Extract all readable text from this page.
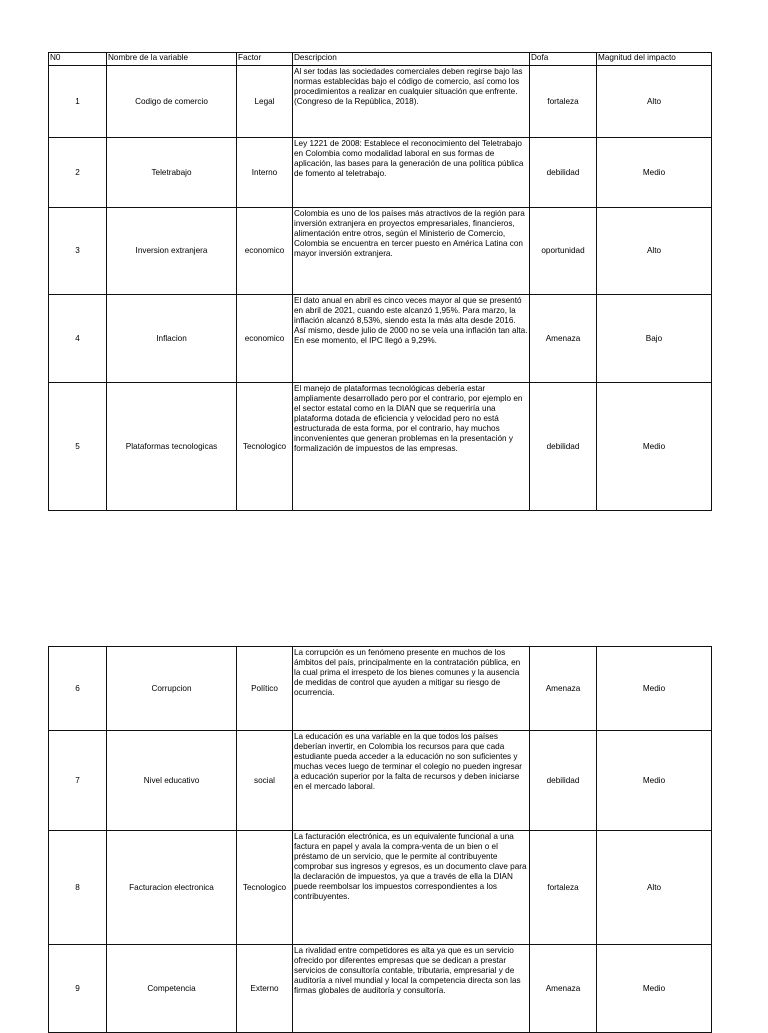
N0	Nombre de la variable	Factor	Descripcion	Dofa	Magnitud del impacto
1	Codigo de comercio	Legal	Al ser todas las sociedades comerciales deben regirse bajo las normas establecidas bajo el código de comercio, así como los procedimientos a realizar en cualquier situación que enfrente. (Congreso de la República, 2018).	fortaleza	Alto
2	Teletrabajo	Interno	Ley 1221 de 2008: Establece el reconocimiento del Teletrabajo en Colombia como modalidad laboral en sus formas de aplicación, las bases para la generación de una política pública de fomento al teletrabajo.	debilidad	Medio
3	Inversion extranjera	economico	Colombia es uno de los países más atractivos de la región para inversión extranjera en proyectos empresariales, financieros, alimentación entre otros, según el Ministerio de Comercio, Colombia se encuentra en tercer puesto en América Latina con mayor inversión extranjera.	oportunidad	Alto
4	Inflacion	economico	El dato anual en abril es cinco veces mayor al que se presentó en abril de 2021, cuando este alcanzó 1,95%. Para marzo, la inflación alcanzó 8,53%, siendo esta la más alta desde 2016. Así mismo, desde julio de 2000 no se veía una inflación tan alta. En ese momento, el IPC llegó a 9,29%.	Amenaza	Bajo
5	Plataformas tecnologicas	Tecnologico	El manejo de plataformas tecnológicas debería estar ampliamente desarrollado pero por el contrario, por ejemplo en el sector estatal como en la DIAN que se requeriría una plataforma dotada de eficiencia y velocidad pero no está estructurada de esta forma, por el contrario, hay muchos inconvenientes que generan problemas en la presentación y formalización de impuestos de las empresas.	debilidad	Medio
6	Corrupcion	Político	La corrupción es un fenómeno presente en muchos de los ámbitos del país, principalmente en la contratación pública, en la cual prima el irrespeto de los bienes comunes y la ausencia de medidas de control que ayuden a mitigar su riesgo de ocurrencia.	Amenaza	Medio
7	Nivel educativo	social	La educación es una variable en la que todos los países deberían invertir, en Colombia los recursos para que cada estudiante pueda acceder a la educación no son suficientes y muchas veces luego de terminar el colegio no pueden ingresar a educación superior por la falta de recursos y deben iniciarse en el mercado laboral.	debilidad	Medio
8	Facturacion electronica	Tecnologico	La facturación electrónica, es un equivalente funcional a una factura en papel y avala la compra-venta de un bien o el préstamo de un servicio, que le permite al contribuyente comprobar sus ingresos y egresos, es un documento clave para la declaración de impuestos, ya que a través de ella la DIAN puede reembolsar los impuestos correspondientes a los contribuyentes.	fortaleza	Alto
9	Competencia	Externo	La rivalidad entre competidores es alta ya que es un servicio ofrecido por diferentes empresas que se dedican a prestar servicios de consultoría contable, tributaria, empresarial y de auditoría a nivel mundial y local la competencia directa son las firmas globales de auditoría y consultoría.	Amenaza	Medio
